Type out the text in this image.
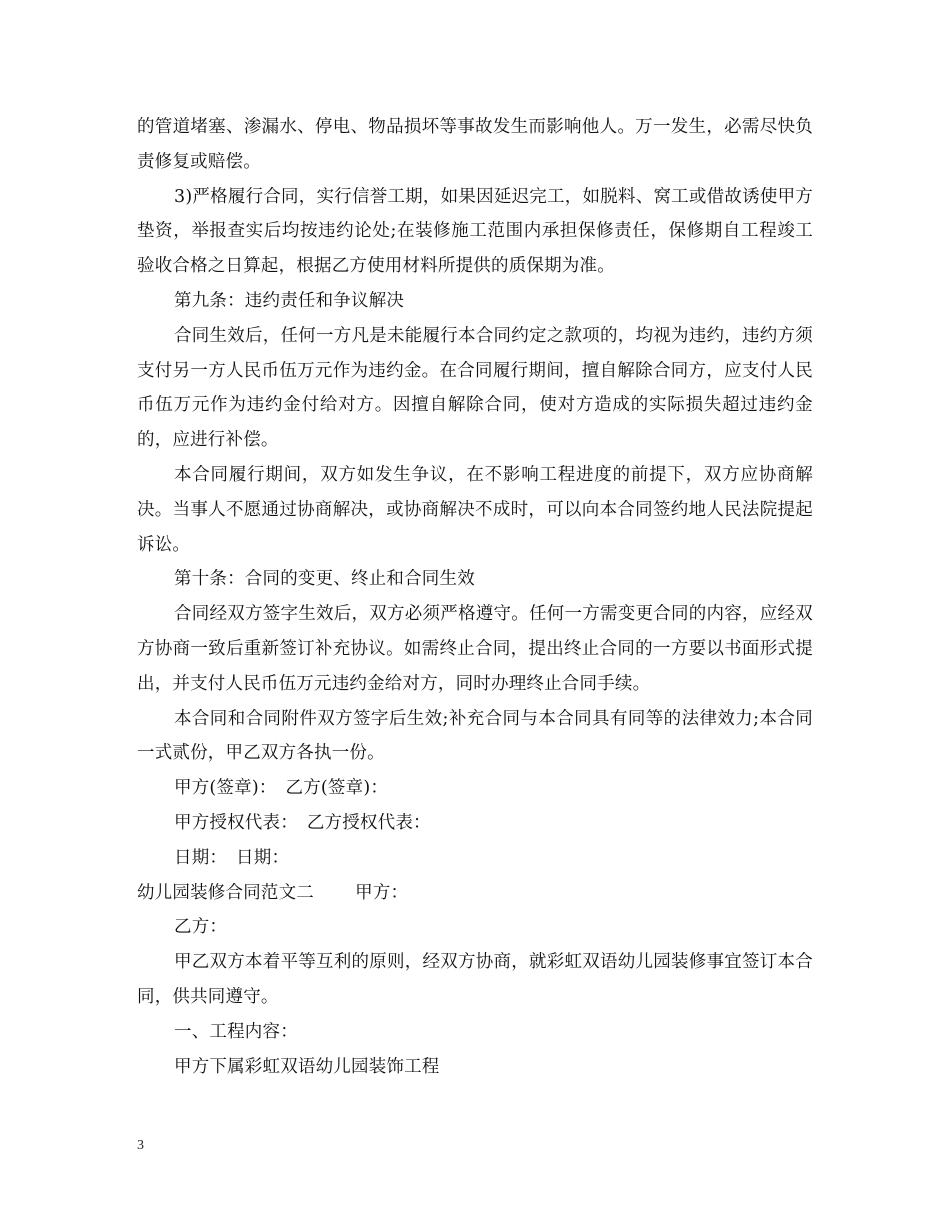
的管道堵塞、渗漏水、停电、物品损坏等事故发生而影响他人。万一发生，必需尽快负责修复或赔偿。

3)严格履行合同，实行信誉工期，如果因延迟完工，如脱料、窝工或借故诱使甲方垫资，举报查实后均按违约论处;在装修施工范围内承担保修责任，保修期自工程竣工验收合格之日算起，根据乙方使用材料所提供的质保期为准。

第九条：违约责任和争议解决

合同生效后，任何一方凡是未能履行本合同约定之款项的，均视为违约，违约方须支付另一方人民币伍万元作为违约金。在合同履行期间，擅自解除合同方，应支付人民币伍万元作为违约金付给对方。因擅自解除合同，使对方造成的实际损失超过违约金的，应进行补偿。

本合同履行期间，双方如发生争议，在不影响工程进度的前提下，双方应协商解决。当事人不愿通过协商解决，或协商解决不成时，可以向本合同签约地人民法院提起诉讼。

第十条：合同的变更、终止和合同生效

合同经双方签字生效后，双方必须严格遵守。任何一方需变更合同的内容，应经双方协商一致后重新签订补充协议。如需终止合同，提出终止合同的一方要以书面形式提出，并支付人民币伍万元违约金给对方，同时办理终止合同手续。

本合同和合同附件双方签字后生效;补充合同与本合同具有同等的法律效力;本合同一式贰份，甲乙双方各执一份。

甲方(签章)：　乙方(签章)：

甲方授权代表：　乙方授权代表：

日期：　日期：

幼儿园装修合同范文二　　 甲方：

乙方：

甲乙双方本着平等互利的原则，经双方协商，就彩虹双语幼儿园装修事宜签订本合同，供共同遵守。

一、工程内容：

甲方下属彩虹双语幼儿园装饰工程

3
